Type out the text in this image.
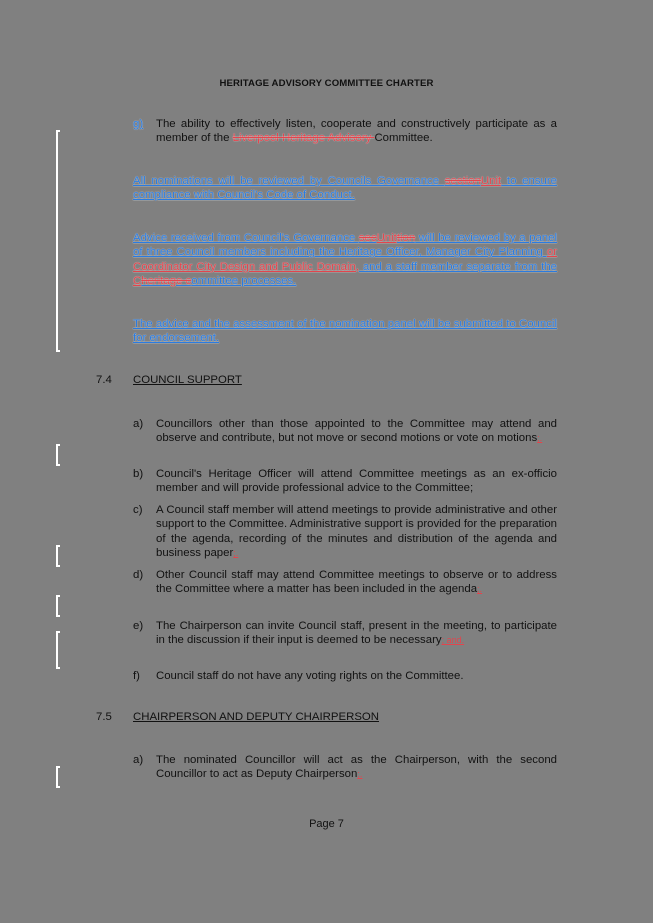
HERITAGE ADVISORY COMMITTEE CHARTER
g) The ability to effectively listen, cooperate and constructively participate as a member of the Liverpool Heritage Advisory Committee.
All nominations will be reviewed by Councils Governance sectionUnit to ensure compliance with Council's Code of Conduct.
Advice received from Council's Governance secUnittion will be reviewed by a panel of three Council members including the Heritage Officer, Manager City Planning or Coordinator City Design and Public Domain, and a staff member separate from the Cheritage committee processes.
The advice and the assessment of the nomination panel will be submitted to Council for endorsement.
7.4 COUNCIL SUPPORT
a) Councillors other than those appointed to the Committee may attend and observe and contribute, but not move or second motions or vote on motions;.
b) Council's Heritage Officer will attend Committee meetings as an ex-officio member and will provide professional advice to the Committee;
c) A Council staff member will attend meetings to provide administrative and other support to the Committee. Administrative support is provided for the preparation of the agenda, recording of the minutes and distribution of the agenda and business paper;.
d) Other Council staff may attend Committee meetings to observe or to address the Committee where a matter has been included in the agenda;.
e) The Chairperson can invite Council staff, present in the meeting, to participate in the discussion if their input is deemed to be necessary; and.
f) Council staff do not have any voting rights on the Committee.
7.5 CHAIRPERSON AND DEPUTY CHAIRPERSON
a) The nominated Councillor will act as the Chairperson, with the second Councillor to act as Deputy Chairperson;.
Page 7
